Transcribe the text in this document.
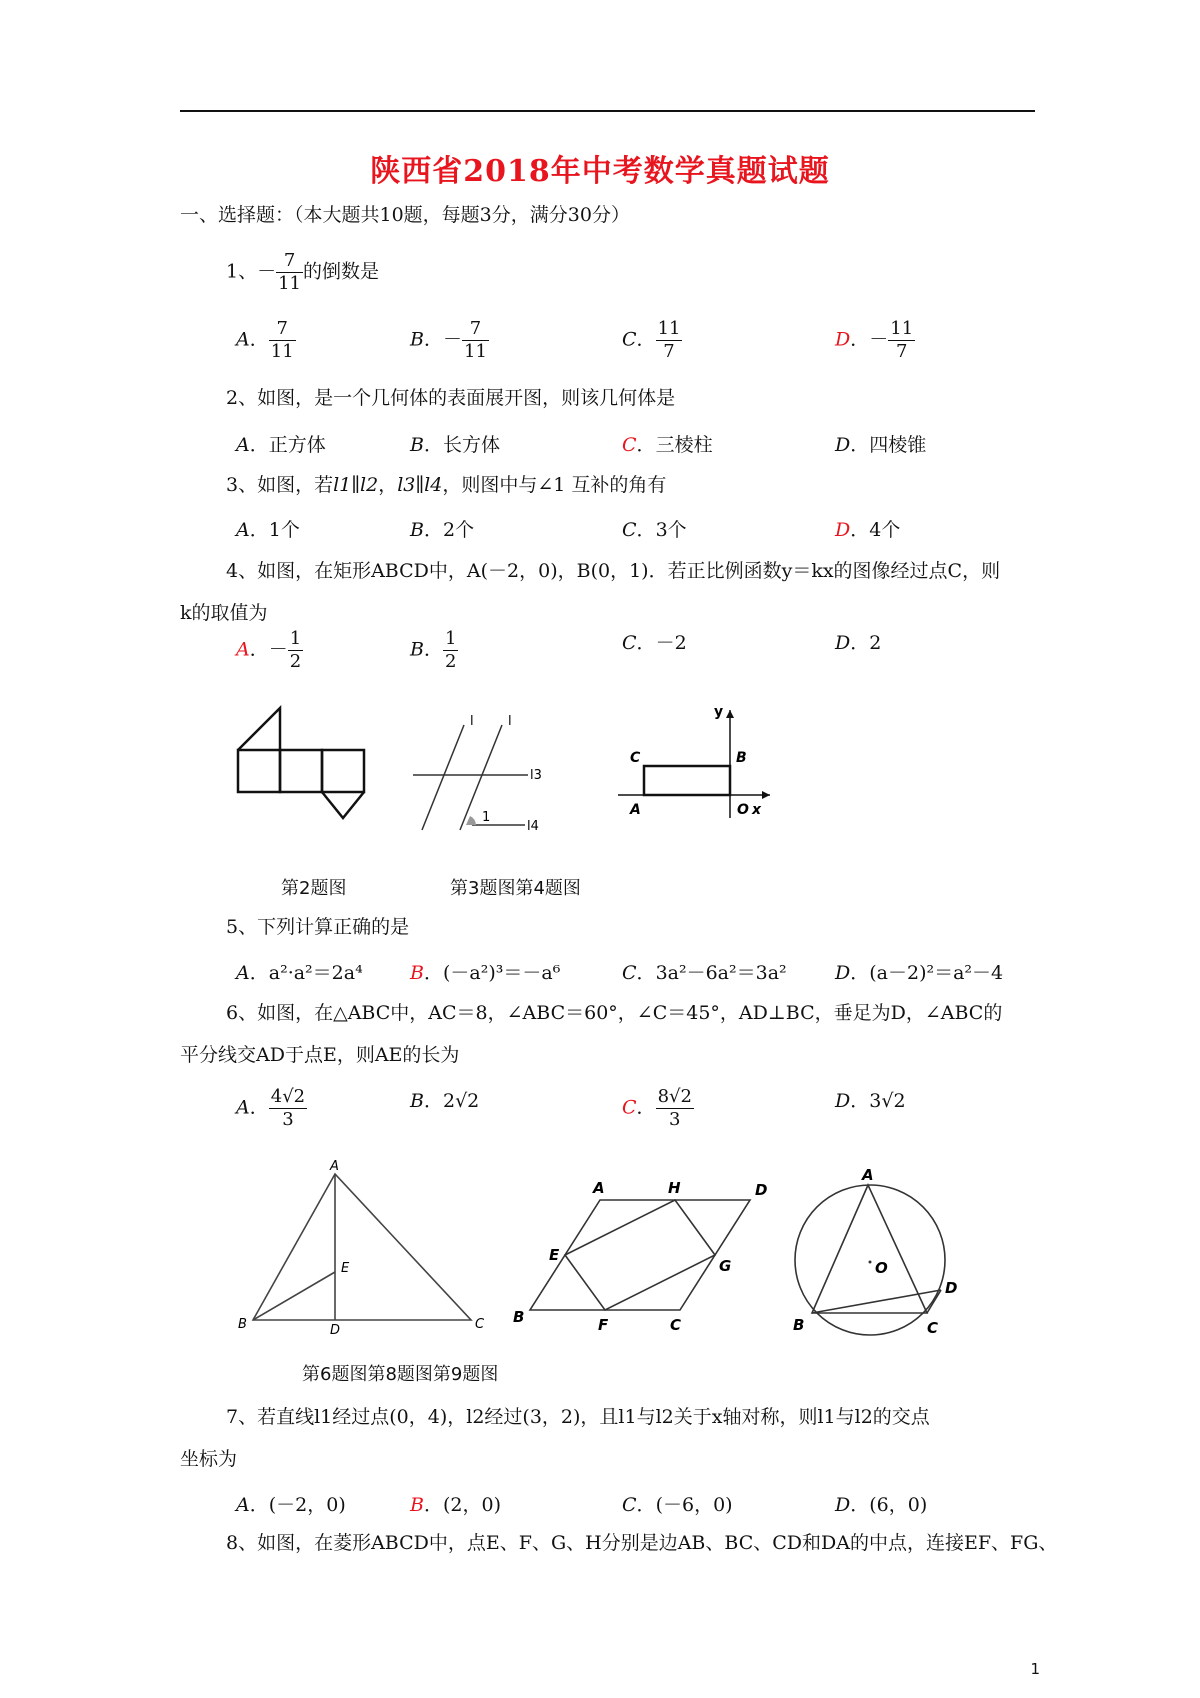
陕西省2018年中考数学真题试题
一、选择题：（本大题共10题，每题3分，满分30分）
1、－ $\frac{7}{11}$ 的倒数是
A． $\frac{7}{11}$	B．－ $\frac{7}{11}$	C． $\frac{11}{7}$	D．－ $\frac{11}{7}$
2、如图，是一个几何体的表面展开图，则该几何体是
A．正方体	B．长方体	C．三棱柱	D．四棱锥
3、如图，若l1∥l2，l3∥l4，则图中与∠1 互补的角有
A．1个	B．2个	C．3个	D．4个
4、如图，在矩形ABCD中，A(－2，0)，B(0，1)．若正比例函数y＝kx的图像经过点C，则
k的取值为
A．－ $\frac{1}{2}$	B． $\frac{1}{2}$	C．－2	D．2
l	l
l3
l4
1
y
x
O
C	B
A
第2题图	第3题图第4题图
5、下列计算正确的是
A．a²·a²＝2a⁴ B．(－a²)³＝－a⁶	C．3a²－6a²＝3a²	D．(a－2)²＝a²－4
6、如图，在△ABC中，AC＝8，∠ABC＝60°，∠C＝45°，AD⊥BC，垂足为D，∠ABC的
平分线交AD于点E，则AE的长为
A． $\frac{4√2}{3}$	B．2√2	C． $\frac{8√2}{3}$	D．3√2
A
B	C
D
E
A	H	D
E
G
B	F	C
A
O
D
B	C
第6题图第8题图第9题图
7、若直线l1经过点(0，4)，l2经过(3，2)，且l1与l2关于x轴对称，则l1与l2的交点
坐标为
A．(－2，0)	B．(2，0)	C．(－6，0)	D．(6，0)
8、如图，在菱形ABCD中，点E、F、G、H分别是边AB、BC、CD和DA的中点，连接EF、FG、
1
